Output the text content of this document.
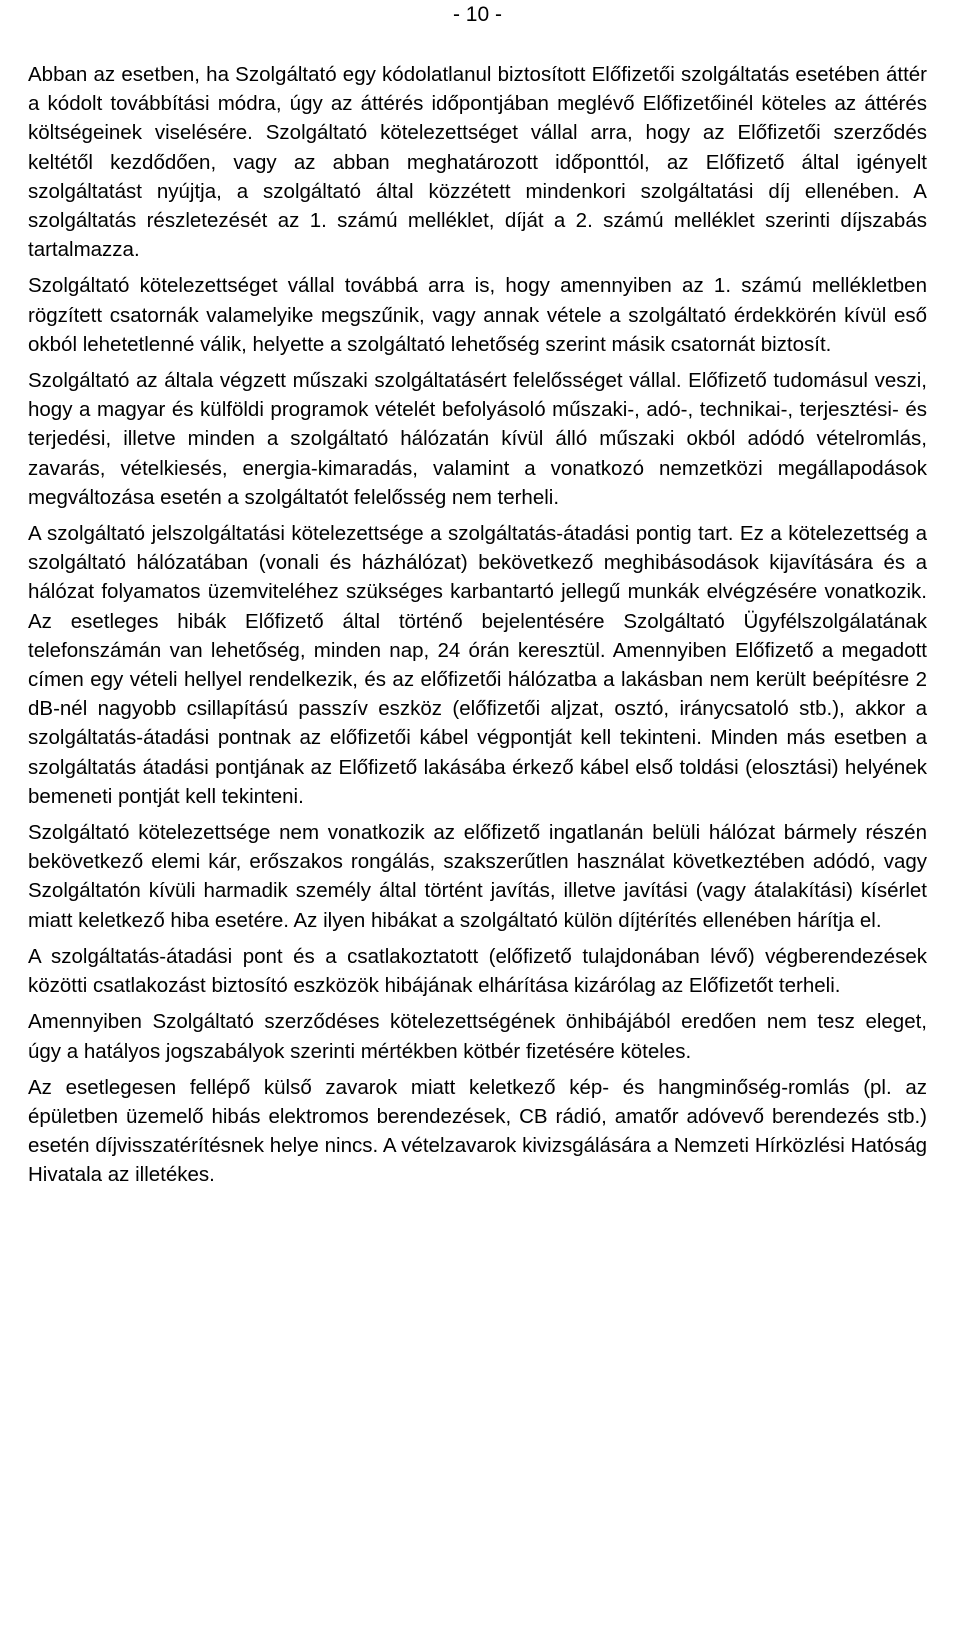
- 10 -

Abban az esetben, ha Szolgáltató egy kódolatlanul biztosított Előfizetői szolgáltatás esetében áttér a kódolt továbbítási módra, úgy az áttérés időpontjában meglévő Előfizetőinél köteles az áttérés költségeinek viselésére. Szolgáltató kötelezettséget vállal arra, hogy az Előfizetői szerződés keltétől kezdődően, vagy az abban meghatározott időponttól, az Előfizető által igényelt szolgáltatást nyújtja, a szolgáltató által közzétett mindenkori szolgáltatási díj ellenében. A szolgáltatás részletezését az 1. számú melléklet, díját a 2. számú melléklet szerinti díjszabás tartalmazza.

Szolgáltató kötelezettséget vállal továbbá arra is, hogy amennyiben az 1. számú mellékletben rögzített csatornák valamelyike megszűnik, vagy annak vétele a szolgáltató érdekkörén kívül eső okból lehetetlenné válik, helyette a szolgáltató lehetőség szerint másik csatornát biztosít.

Szolgáltató az általa végzett műszaki szolgáltatásért felelősséget vállal. Előfizető tudomásul veszi, hogy a magyar és külföldi programok vételét befolyásoló műszaki-, adó-, technikai-, terjesztési- és terjedési, illetve minden a szolgáltató hálózatán kívül álló műszaki okból adódó vételromlás, zavarás, vételkiesés, energia-kimaradás, valamint a vonatkozó nemzetközi megállapodások megváltozása esetén a szolgáltatót felelősség nem terheli.

A szolgáltató jelszolgáltatási kötelezettsége a szolgáltatás-átadási pontig tart. Ez a kötelezettség a szolgáltató hálózatában (vonali és házhálózat) bekövetkező meghibásodások kijavítására és a hálózat folyamatos üzemviteléhez szükséges karbantartó jellegű munkák elvégzésére vonatkozik. Az esetleges hibák Előfizető által történő bejelentésére Szolgáltató Ügyfélszolgálatának telefonszámán van lehetőség, minden nap, 24 órán keresztül. Amennyiben Előfizető a megadott címen egy vételi hellyel rendelkezik, és az előfizetői hálózatba a lakásban nem került beépítésre 2 dB-nél nagyobb csillapítású passzív eszköz (előfizetői aljzat, osztó, iránycsatoló stb.), akkor a szolgáltatás-átadási pontnak az előfizetői kábel végpontját kell tekinteni. Minden más esetben a szolgáltatás átadási pontjának az Előfizető lakásába érkező kábel első toldási (elosztási) helyének bemeneti pontját kell tekinteni.

Szolgáltató kötelezettsége nem vonatkozik az előfizető ingatlanán belüli hálózat bármely részén bekövetkező elemi kár, erőszakos rongálás, szakszerűtlen használat következtében adódó, vagy Szolgáltatón kívüli harmadik személy által történt javítás, illetve javítási (vagy átalakítási) kísérlet miatt keletkező hiba esetére. Az ilyen hibákat a szolgáltató külön díjtérítés ellenében hárítja el.

A szolgáltatás-átadási pont és a csatlakoztatott (előfizető tulajdonában lévő) végberendezések közötti csatlakozást biztosító eszközök hibájának elhárítása kizárólag az Előfizetőt terheli.

Amennyiben Szolgáltató szerződéses kötelezettségének önhibájából eredően nem tesz eleget, úgy a hatályos jogszabályok szerinti mértékben kötbér fizetésére köteles.

Az esetlegesen fellépő külső zavarok miatt keletkező kép- és hangminőség-romlás (pl. az épületben üzemelő hibás elektromos berendezések, CB rádió, amatőr adóvevő berendezés stb.) esetén díjvisszatérítésnek helye nincs. A vételzavarok kivizsgálására a Nemzeti Hírközlési Hatóság Hivatala az illetékes.
